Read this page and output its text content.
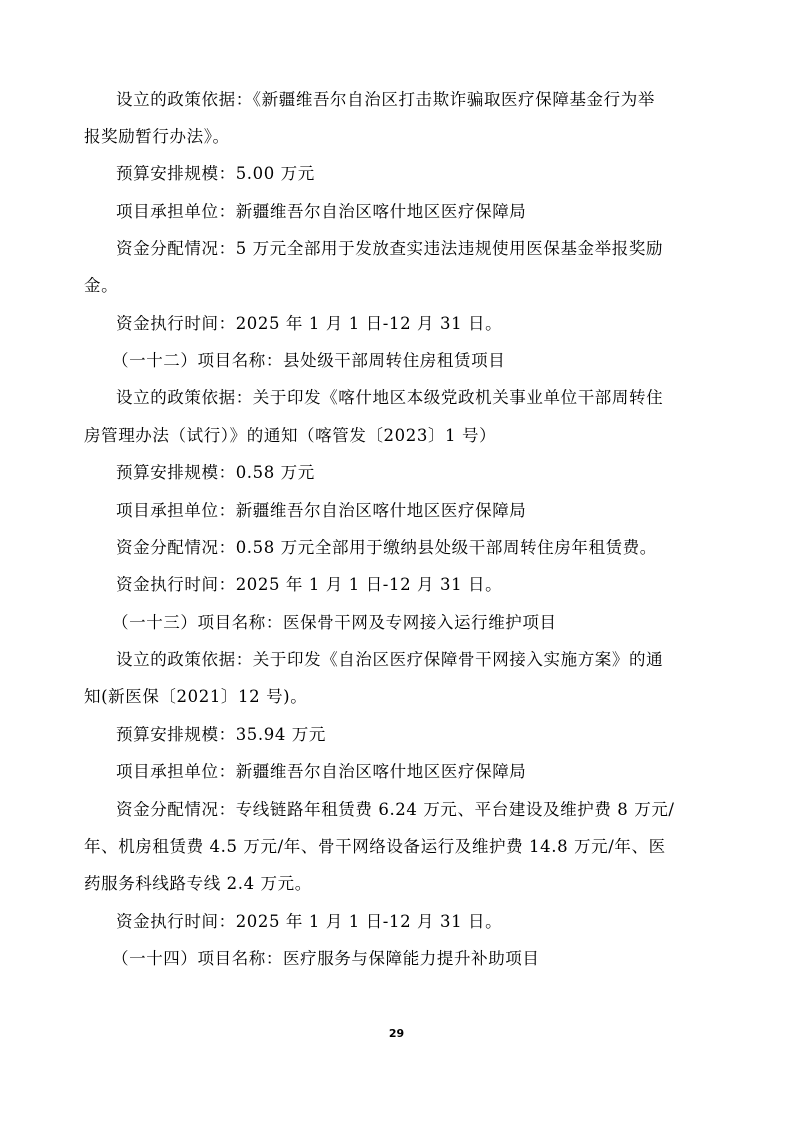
设立的政策依据：《新疆维吾尔自治区打击欺诈骗取医疗保障基金行为举
报奖励暂行办法》。
预算安排规模：5.00 万元
项目承担单位：新疆维吾尔自治区喀什地区医疗保障局
资金分配情况：5 万元全部用于发放查实违法违规使用医保基金举报奖励
金。
资金执行时间：2025 年 1 月 1 日-12 月 31 日。
（一十二）项目名称：县处级干部周转住房租赁项目
设立的政策依据：关于印发《喀什地区本级党政机关事业单位干部周转住
房管理办法（试行）》的通知（喀管发〔2023〕1 号）
预算安排规模：0.58 万元
项目承担单位：新疆维吾尔自治区喀什地区医疗保障局
资金分配情况：0.58 万元全部用于缴纳县处级干部周转住房年租赁费。
资金执行时间：2025 年 1 月 1 日-12 月 31 日。
（一十三）项目名称：医保骨干网及专网接入运行维护项目
设立的政策依据：关于印发《自治区医疗保障骨干网接入实施方案》的通
知(新医保〔2021〕12 号)。
预算安排规模：35.94 万元
项目承担单位：新疆维吾尔自治区喀什地区医疗保障局
资金分配情况：专线链路年租赁费 6.24 万元、平台建设及维护费 8 万元/
年、机房租赁费 4.5 万元/年、骨干网络设备运行及维护费 14.8 万元/年、医
药服务科线路专线 2.4 万元。
资金执行时间：2025 年 1 月 1 日-12 月 31 日。
（一十四）项目名称：医疗服务与保障能力提升补助项目
29
